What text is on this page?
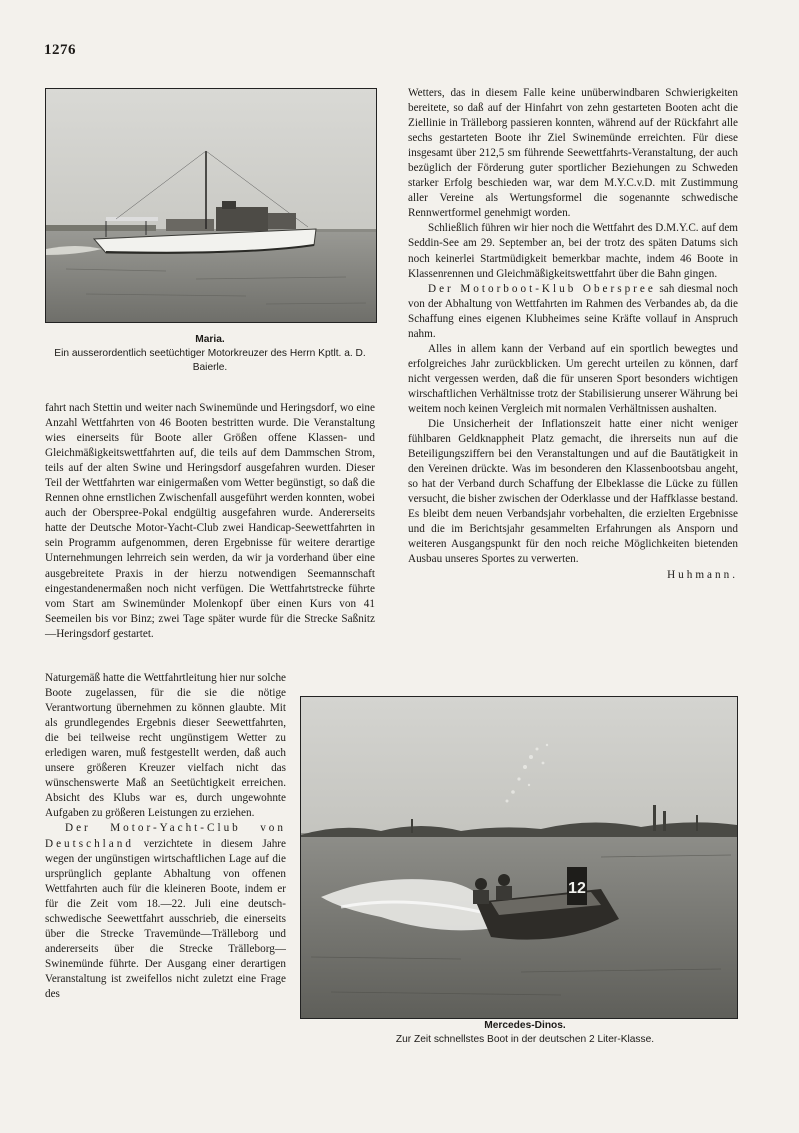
1276
Maria.
Ein ausserordentlich seetüchtiger Motorkreuzer des Herrn Kptlt. a. D. Baierle.

Wetters, das in diesem Falle keine unüberwindbaren Schwierigkeiten bereitete, so daß auf der Hinfahrt von zehn gestarteten Booten acht die Ziellinie in Trälleborg passieren konnten, während auf der Rückfahrt alle sechs gestarteten Boote ihr Ziel Swinemünde erreichten. Für diese insgesamt über 212,5 sm führende Seewettfahrts-Veranstaltung, der auch bezüglich der Förderung guter sportlicher Beziehungen zu Schweden starker Erfolg beschieden war, war dem M.Y.C.v.D. mit Zustimmung aller Vereine als Wertungsformel die sogenannte schwedische Rennwertformel genehmigt worden.

Schließlich führen wir hier noch die Wettfahrt des D.M.Y.C. auf dem Seddin-See am 29. September an, bei der trotz des späten Datums sich noch keinerlei Startmüdigkeit bemerkbar machte, indem 46 Boote in Klassenrennen und Gleichmäßigkeitswettfahrt über die Bahn gingen.

Der Motorboot-Klub Oberspree sah diesmal noch von der Abhaltung von Wettfahrten im Rahmen des Verbandes ab, da die Schaffung eines eigenen Klubheimes seine Kräfte vollauf in Anspruch nahm.

Alles in allem kann der Verband auf ein sportlich bewegtes und erfolgreiches Jahr zurückblicken. Um gerecht urteilen zu können, darf nicht vergessen werden, daß die für unseren Sport besonders wichtigen wirschaftlichen Verhältnisse trotz der Stabilisierung unserer Währung bei weitem noch keinen Vergleich mit normalen Verhältnissen aushalten.

Die Unsicherheit der Inflationszeit hatte einer nicht weniger fühlbaren Geldknappheit Platz gemacht, die ihrerseits nun auf die Beteiligungsziffern bei den Veranstaltungen und auf die Bautätigkeit in den Vereinen drückte. Was im besonderen den Klassenbootsbau angeht, so hat der Verband durch Schaffung der Elbeklasse die Lücke zu füllen versucht, die bisher zwischen der Oderklasse und der Haffklasse bestand. Es bleibt dem neuen Verbandsjahr vorbehalten, die erzielten Ergebnisse und die im Berichtsjahr gesammelten Erfahrungen als Ansporn und weiteren Ausgangspunkt für den noch reiche Möglichkeiten bietenden Ausbau unseres Sportes zu verwerten.

Huhmann.

fahrt nach Stettin und weiter nach Swinemünde und Heringsdorf, wo eine Anzahl Wettfahrten von 46 Booten bestritten wurde. Die Veranstaltung wies einerseits für Boote aller Größen offene Klassen- und Gleichmäßigkeitswettfahrten auf, die teils auf dem Dammschen Strom, teils auf der alten Swine und Heringsdorf ausgefahren wurden. Dieser Teil der Wettfahrten war einigermaßen vom Wetter begünstigt, so daß die Rennen ohne ernstlichen Zwischenfall ausgeführt werden konnten, wobei auch der Oberspree-Pokal endgültig ausgefahren wurde. Andererseits hatte der Deutsche Motor-Yacht-Club zwei Handicap-Seewettfahrten in sein Programm aufgenommen, deren Ergebnisse für weitere derartige Unternehmungen lehrreich sein werden, da wir ja vorderhand über eine ausgebreitete Praxis in der hierzu notwendigen Seemannschaft eingestandenermaßen noch nicht verfügen. Die Wettfahrtstrecke führte vom Start am Swinemünder Molenkopf über einen Kurs von 41 Seemeilen bis vor Binz; zwei Tage später wurde für die Strecke Saßnitz—Heringsdorf gestartet.

Naturgemäß hatte die Wettfahrtleitung hier nur solche Boote zugelassen, für die sie die nötige Verantwortung übernehmen zu können glaubte. Mit als grundlegendes Ergebnis dieser Seewettfahrten, die bei teilweise recht ungünstigem Wetter zu erledigen waren, muß festgestellt werden, daß auch unsere größeren Kreuzer vielfach nicht das wünschenswerte Maß an Seetüchtigkeit erreichen. Absicht des Klubs war es, durch ungewohnte Aufgaben zu größeren Leistungen zu erziehen.

Der Motor-Yacht-Club von Deutschland verzichtete in diesem Jahre wegen der ungünstigen wirtschaftlichen Lage auf die ursprünglich geplante Abhaltung von offenen Wettfahrten auch für die kleineren Boote, indem er für die Zeit vom 18.—22. Juli eine deutsch-schwedische Seewettfahrt ausschrieb, die einerseits über die Strecke Travemünde—Trälleborg und andererseits über die Strecke Trälleborg—Swinemünde führte. Der Ausgang einer derartigen Veranstaltung ist zweifellos nicht zuletzt eine Frage des

12
Mercedes-Dinos.
Zur Zeit schnellstes Boot in der deutschen 2 Liter-Klasse.
